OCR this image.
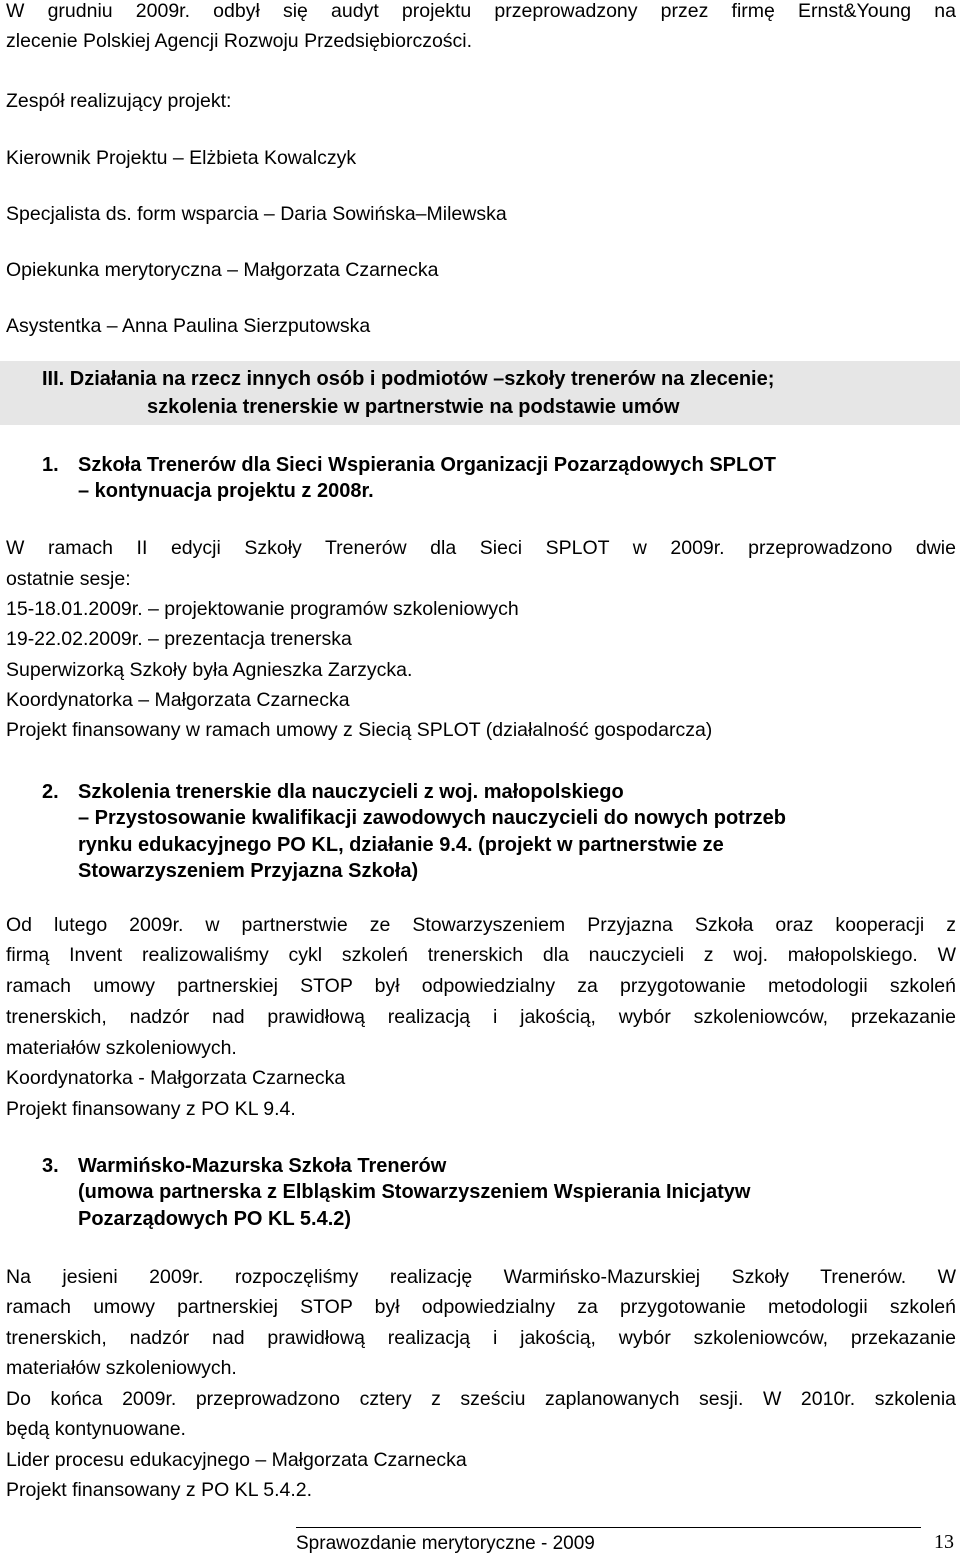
W grudniu 2009r. odbył się audyt projektu przeprowadzony przez firmę Ernst&Young na
zlecenie Polskiej Agencji Rozwoju Przedsiębiorczości.
Zespół realizujący projekt:
Kierownik Projektu – Elżbieta Kowalczyk
Specjalista ds. form wsparcia – Daria Sowińska–Milewska
Opiekunka merytoryczna – Małgorzata Czarnecka
Asystentka – Anna Paulina Sierzputowska
III. Działania na rzecz innych osób i podmiotów –szkoły trenerów na zlecenie;
szkolenia trenerskie w partnerstwie na podstawie umów
1. Szkoła Trenerów dla Sieci Wspierania Organizacji Pozarządowych SPLOT
– kontynuacja projektu z 2008r.
W ramach II edycji Szkoły Trenerów dla Sieci SPLOT w 2009r. przeprowadzono dwie
ostatnie sesje:
15-18.01.2009r. – projektowanie programów szkoleniowych
19-22.02.2009r. – prezentacja trenerska
Superwizorką Szkoły była Agnieszka Zarzycka.
Koordynatorka – Małgorzata Czarnecka
Projekt finansowany w ramach umowy z Siecią SPLOT (działalność gospodarcza)
2. Szkolenia trenerskie dla nauczycieli z woj. małopolskiego
– Przystosowanie kwalifikacji zawodowych nauczycieli do nowych potrzeb
rynku edukacyjnego PO KL, działanie 9.4. (projekt w partnerstwie ze
Stowarzyszeniem Przyjazna Szkoła)
Od lutego 2009r. w partnerstwie ze Stowarzyszeniem Przyjazna Szkoła oraz kooperacji z
firmą Invent realizowaliśmy cykl szkoleń trenerskich dla nauczycieli z woj. małopolskiego. W
ramach umowy partnerskiej STOP był odpowiedzialny za przygotowanie metodologii szkoleń
trenerskich, nadzór nad prawidłową realizacją i jakością, wybór szkoleniowców, przekazanie
materiałów szkoleniowych.
Koordynatorka - Małgorzata Czarnecka
Projekt finansowany z PO KL 9.4.
3. Warmińsko-Mazurska Szkoła Trenerów
(umowa partnerska z Elbląskim Stowarzyszeniem Wspierania Inicjatyw
Pozarządowych PO KL 5.4.2)
Na jesieni 2009r. rozpoczęliśmy realizację Warmińsko-Mazurskiej Szkoły Trenerów. W
ramach umowy partnerskiej STOP był odpowiedzialny za przygotowanie metodologii szkoleń
trenerskich, nadzór nad prawidłową realizacją i jakością, wybór szkoleniowców, przekazanie
materiałów szkoleniowych.
Do końca 2009r. przeprowadzono cztery z sześciu zaplanowanych sesji. W 2010r. szkolenia
będą kontynuowane.
Lider procesu edukacyjnego – Małgorzata Czarnecka
Projekt finansowany z PO KL 5.4.2.
Sprawozdanie merytoryczne - 2009	13
